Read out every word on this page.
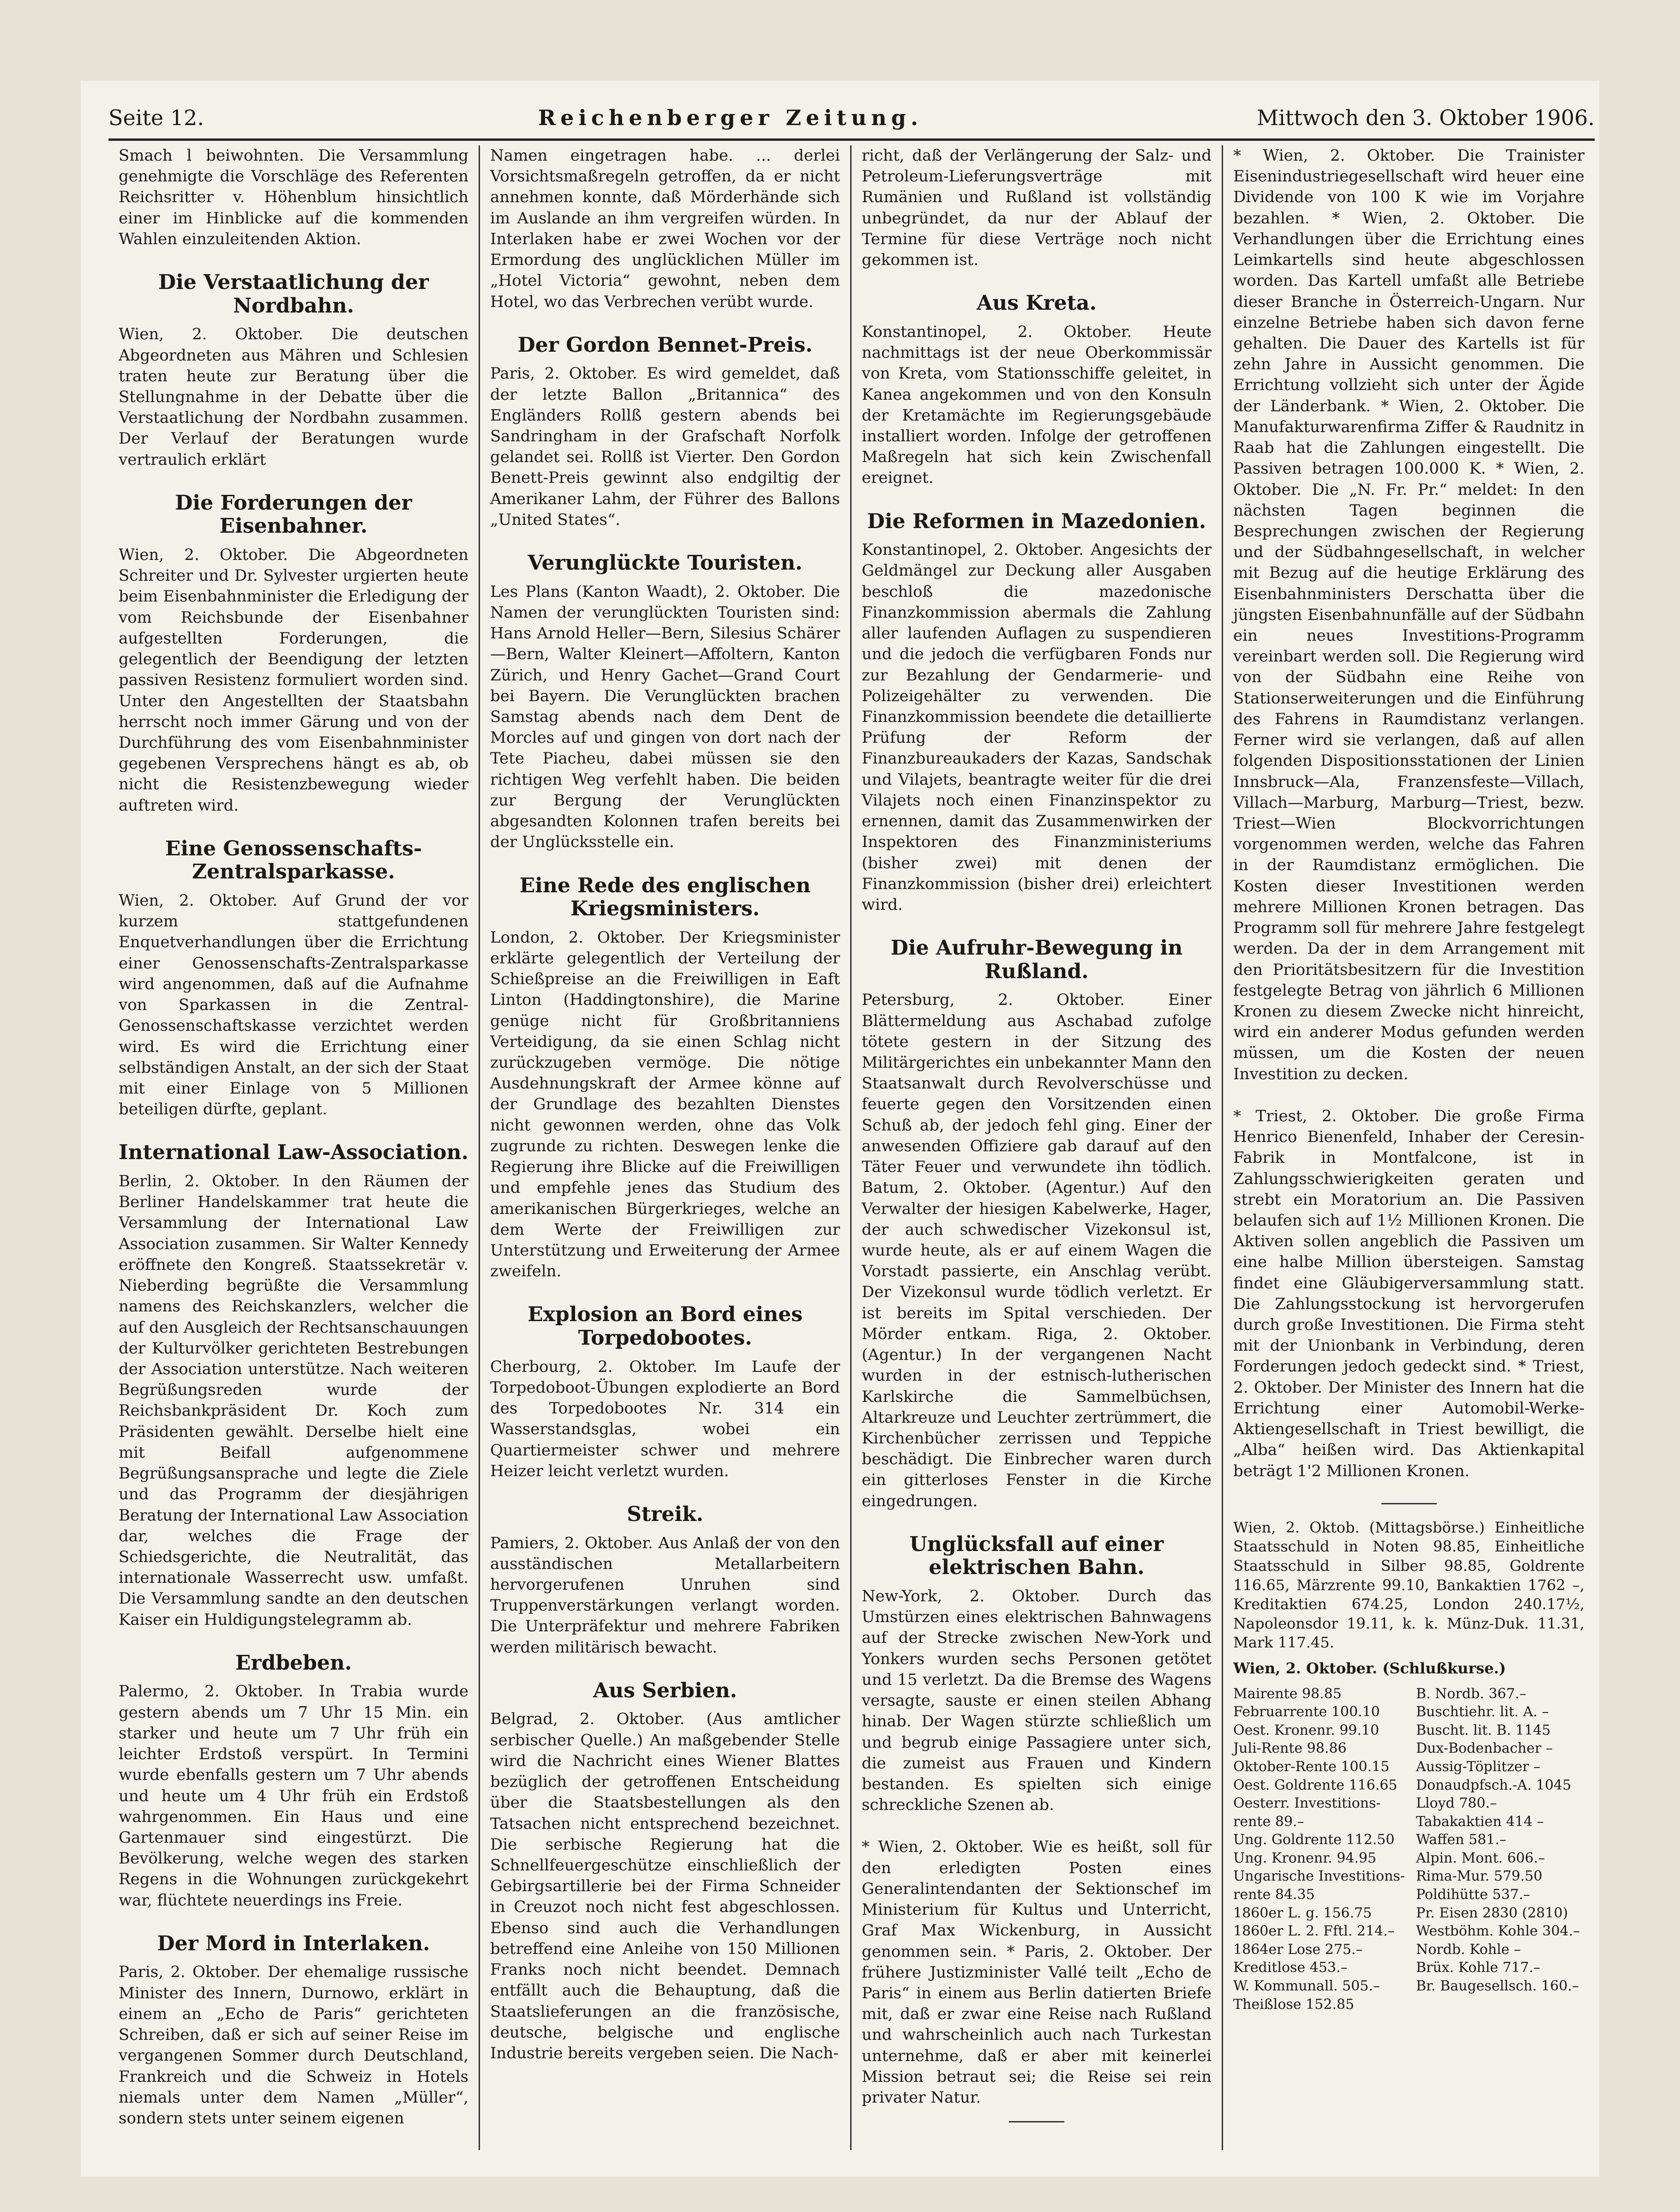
Seite 12.	Reichenberger Zeitung.	Mittwoch den 3. Oktober 1906.

Smach l beiwohnten. Die Versammlung genehmigte die Vorschläge des Referenten Reichsritter v. Höhenblum hinsichtlich einer im Hinblicke auf die kommenden Wahlen einzuleitenden Aktion.

Die Verstaatlichung der Nordbahn.

Wien, 2. Oktober. Die deutschen Abgeordneten aus Mähren und Schlesien traten heute zur Beratung über die Stellungnahme in der Debatte über die Verstaatlichung der Nordbahn zusammen. Der Verlauf der Beratungen wurde vertraulich erklärt

Die Forderungen der Eisenbahner.

Wien, 2. Oktober. Die Abgeordneten Schreiter und Dr. Sylvester urgierten heute beim Eisenbahnminister die Erledigung der vom Reichsbunde der Eisenbahner aufgestellten Forderungen, die gelegentlich der Beendigung der letzten passiven Resistenz formuliert worden sind. Unter den Angestellten der Staatsbahn herrscht noch immer Gärung und von der Durchführung des vom Eisenbahnminister gegebenen Versprechens hängt es ab, ob nicht die Resistenzbewegung wieder auftreten wird.

Eine Genossenschafts-Zentralsparkasse.

Wien, 2. Oktober. Auf Grund der vor kurzem stattgefundenen Enquetverhandlungen über die Errichtung einer Genossenschafts-Zentralsparkasse wird angenommen, daß auf die Aufnahme von Sparkassen in die Zentral-Genossenschaftskasse verzichtet werden wird. Es wird die Errichtung einer selbständigen Anstalt, an der sich der Staat mit einer Einlage von 5 Millionen beteiligen dürfte, geplant.

International Law-Association.

Berlin, 2. Oktober. In den Räumen der Berliner Handelskammer trat heute die Versammlung der International Law Association zusammen. Sir Walter Kennedy eröffnete den Kongreß. Staatssekretär v. Nieberding begrüßte die Versammlung namens des Reichskanzlers, welcher die auf den Ausgleich der Rechtsanschauungen der Kulturvölker gerichteten Bestrebungen der Association unterstütze. Nach weiteren Begrüßungsreden wurde der Reichsbankpräsident Dr. Koch zum Präsidenten gewählt. Derselbe hielt eine mit Beifall aufgenommene Begrüßungsansprache und legte die Ziele und das Programm der diesjährigen Beratung der International Law Association dar, welches die Frage der Schiedsgerichte, die Neutralität, das internationale Wasserrecht usw. umfaßt. Die Versammlung sandte an den deutschen Kaiser ein Huldigungstelegramm ab.

Erdbeben.

Palermo, 2. Oktober. In Trabia wurde gestern abends um 7 Uhr 15 Min. ein starker und heute um 7 Uhr früh ein leichter Erdstoß verspürt. In Termini wurde ebenfalls gestern um 7 Uhr abends und heute um 4 Uhr früh ein Erdstoß wahrgenommen. Ein Haus und eine Gartenmauer sind eingestürzt. Die Bevölkerung, welche wegen des starken Regens in die Wohnungen zurückgekehrt war, flüchtete neuerdings ins Freie.

Der Mord in Interlaken.

Paris, 2. Oktober. Der ehemalige russische Minister des Innern, Durnowo, erklärt in einem an „Echo de Paris“ gerichteten Schreiben, daß er sich auf seiner Reise im vergangenen Sommer durch Deutschland, Frankreich und die Schweiz in Hotels niemals unter dem Namen „Müller“, sondern stets unter seinem eigenen

Namen eingetragen habe. ... derlei Vorsichtsmaßregeln getroffen, da er nicht annehmen konnte, daß Mörderhände sich im Auslande an ihm vergreifen würden. In Interlaken habe er zwei Wochen vor der Ermordung des unglücklichen Müller im „Hotel Victoria“ gewohnt, neben dem Hotel, wo das Verbrechen verübt wurde.

Der Gordon Bennet-Preis.

Paris, 2. Oktober. Es wird gemeldet, daß der letzte Ballon „Britannica“ des Engländers Rollß gestern abends bei Sandringham in der Grafschaft Norfolk gelandet sei. Rollß ist Vierter. Den Gordon Benett-Preis gewinnt also endgiltig der Amerikaner Lahm, der Führer des Ballons „United States“.

Verunglückte Touristen.

Les Plans (Kanton Waadt), 2. Oktober. Die Namen der verunglückten Touristen sind: Hans Arnold Heller—Bern, Silesius Schärer—Bern, Walter Kleinert—Affoltern, Kanton Zürich, und Henry Gachet—Grand Court bei Bayern. Die Verunglückten brachen Samstag abends nach dem Dent de Morcles auf und gingen von dort nach der Tete Piacheu, dabei müssen sie den richtigen Weg verfehlt haben. Die beiden zur Bergung der Verunglückten abgesandten Kolonnen trafen bereits bei der Unglücksstelle ein.

Eine Rede des englischen Kriegsministers.

London, 2. Oktober. Der Kriegsminister erklärte gelegentlich der Verteilung der Schießpreise an die Freiwilligen in Eaft Linton (Haddingtonshire), die Marine genüge nicht für Großbritanniens Verteidigung, da sie einen Schlag nicht zurückzugeben vermöge. Die nötige Ausdehnungskraft der Armee könne auf der Grundlage des bezahlten Dienstes nicht gewonnen werden, ohne das Volk zugrunde zu richten. Deswegen lenke die Regierung ihre Blicke auf die Freiwilligen und empfehle jenes das Studium des amerikanischen Bürgerkrieges, welche an dem Werte der Freiwilligen zur Unterstützung und Erweiterung der Armee zweifeln.

Explosion an Bord eines Torpedobootes.

Cherbourg, 2. Oktober. Im Laufe der Torpedoboot-Übungen explodierte an Bord des Torpedobootes Nr. 314 ein Wasserstandsglas, wobei ein Quartiermeister schwer und mehrere Heizer leicht verletzt wurden.

Streik.

Pamiers, 2. Oktober. Aus Anlaß der von den ausständischen Metallarbeitern hervorgerufenen Unruhen sind Truppenverstärkungen verlangt worden. Die Unterpräfektur und mehrere Fabriken werden militärisch bewacht.

Aus Serbien.

Belgrad, 2. Oktober. (Aus amtlicher serbischer Quelle.) An maßgebender Stelle wird die Nachricht eines Wiener Blattes bezüglich der getroffenen Entscheidung über die Staatsbestellungen als den Tatsachen nicht entsprechend bezeichnet. Die serbische Regierung hat die Schnellfeuergeschütze einschließlich der Gebirgsartillerie bei der Firma Schneider in Creuzot noch nicht fest abgeschlossen. Ebenso sind auch die Verhandlungen betreffend eine Anleihe von 150 Millionen Franks noch nicht beendet. Demnach entfällt auch die Behauptung, daß die Staatslieferungen an die französische, deutsche, belgische und englische Industrie bereits vergeben seien. Die Nach-

richt, daß der Verlängerung der Salz- und Petroleum-Lieferungsverträge mit Rumänien und Rußland ist vollständig unbegründet, da nur der Ablauf der Termine für diese Verträge noch nicht gekommen ist.

Aus Kreta.

Konstantinopel, 2. Oktober. Heute nachmittags ist der neue Oberkommissär von Kreta, vom Stationsschiffe geleitet, in Kanea angekommen und von den Konsuln der Kretamächte im Regierungsgebäude installiert worden. Infolge der getroffenen Maßregeln hat sich kein Zwischenfall ereignet.

Die Reformen in Mazedonien.

Konstantinopel, 2. Oktober. Angesichts der Geldmängel zur Deckung aller Ausgaben beschloß die mazedonische Finanzkommission abermals die Zahlung aller laufenden Auflagen zu suspendieren und die jedoch die verfügbaren Fonds nur zur Bezahlung der Gendarmerie- und Polizeigehälter zu verwenden. Die Finanzkommission beendete die detaillierte Prüfung der Reform der Finanzbureaukaders der Kazas, Sandschak und Vilajets, beantragte weiter für die drei Vilajets noch einen Finanzinspektor zu ernennen, damit das Zusammenwirken der Inspektoren des Finanzministeriums (bisher zwei) mit denen der Finanzkommission (bisher drei) erleichtert wird.

Die Aufruhr-Bewegung in Rußland.

Petersburg, 2. Oktober. Einer Blättermeldung aus Aschabad zufolge tötete gestern in der Sitzung des Militärgerichtes ein unbekannter Mann den Staatsanwalt durch Revolverschüsse und feuerte gegen den Vorsitzenden einen Schuß ab, der jedoch fehl ging. Einer der anwesenden Offiziere gab darauf auf den Täter Feuer und verwundete ihn tödlich. Batum, 2. Oktober. (Agentur.) Auf den Verwalter der hiesigen Kabelwerke, Hager, der auch schwedischer Vizekonsul ist, wurde heute, als er auf einem Wagen die Vorstadt passierte, ein Anschlag verübt. Der Vizekonsul wurde tödlich verletzt. Er ist bereits im Spital verschieden. Der Mörder entkam. Riga, 2. Oktober. (Agentur.) In der vergangenen Nacht wurden in der estnisch-lutherischen Karlskirche die Sammelbüchsen, Altarkreuze und Leuchter zertrümmert, die Kirchenbücher zerrissen und Teppiche beschädigt. Die Einbrecher waren durch ein gitterloses Fenster in die Kirche eingedrungen.

Unglücksfall auf einer elektrischen Bahn.

New-York, 2. Oktober. Durch das Umstürzen eines elektrischen Bahnwagens auf der Strecke zwischen New-York und Yonkers wurden sechs Personen getötet und 15 verletzt. Da die Bremse des Wagens versagte, sauste er einen steilen Abhang hinab. Der Wagen stürzte schließlich um und begrub einige Passagiere unter sich, die zumeist aus Frauen und Kindern bestanden. Es spielten sich einige schreckliche Szenen ab.

* Wien, 2. Oktober. Wie es heißt, soll für den erledigten Posten eines Generalintendanten der Sektionschef im Ministerium für Kultus und Unterricht, Graf Max Wickenburg, in Aussicht genommen sein. * Paris, 2. Oktober. Der frühere Justizminister Vallé teilt „Echo de Paris“ in einem aus Berlin datierten Briefe mit, daß er zwar eine Reise nach Rußland und wahrscheinlich auch nach Turkestan unternehme, daß er aber mit keinerlei Mission betraut sei; die Reise sei rein privater Natur.

* Wien, 2. Oktober. Die Trainister Eisenindustriegesellschaft wird heuer eine Dividende von 100 K wie im Vorjahre bezahlen. * Wien, 2. Oktober. Die Verhandlungen über die Errichtung eines Leimkartells sind heute abgeschlossen worden. Das Kartell umfaßt alle Betriebe dieser Branche in Österreich-Ungarn. Nur einzelne Betriebe haben sich davon ferne gehalten. Die Dauer des Kartells ist für zehn Jahre in Aussicht genommen. Die Errichtung vollzieht sich unter der Ägide der Länderbank. * Wien, 2. Oktober. Die Manufakturwarenfirma Ziffer & Raudnitz in Raab hat die Zahlungen eingestellt. Die Passiven betragen 100.000 K. * Wien, 2. Oktober. Die „N. Fr. Pr.“ meldet: In den nächsten Tagen beginnen die Besprechungen zwischen der Regierung und der Südbahngesellschaft, in welcher mit Bezug auf die heutige Erklärung des Eisenbahnministers Derschatta über die jüngsten Eisenbahnunfälle auf der Südbahn ein neues Investitions-Programm vereinbart werden soll. Die Regierung wird von der Südbahn eine Reihe von Stationserweiterungen und die Einführung des Fahrens in Raumdistanz verlangen. Ferner wird sie verlangen, daß auf allen folgenden Dispositionsstationen der Linien Innsbruck—Ala, Franzensfeste—Villach, Villach—Marburg, Marburg—Triest, bezw. Triest—Wien Blockvorrichtungen vorgenommen werden, welche das Fahren in der Raumdistanz ermöglichen. Die Kosten dieser Investitionen werden mehrere Millionen Kronen betragen. Das Programm soll für mehrere Jahre festgelegt werden. Da der in dem Arrangement mit den Prioritätsbesitzern für die Investition festgelegte Betrag von jährlich 6 Millionen Kronen zu diesem Zwecke nicht hinreicht, wird ein anderer Modus gefunden werden müssen, um die Kosten der neuen Investition zu decken.

* Triest, 2. Oktober. Die große Firma Henrico Bienenfeld, Inhaber der Ceresin-Fabrik in Montfalcone, ist in Zahlungsschwierigkeiten geraten und strebt ein Moratorium an. Die Passiven belaufen sich auf 1½ Millionen Kronen. Die Aktiven sollen angeblich die Passiven um eine halbe Million übersteigen. Samstag findet eine Gläubigerversammlung statt. Die Zahlungsstockung ist hervorgerufen durch große Investitionen. Die Firma steht mit der Unionbank in Verbindung, deren Forderungen jedoch gedeckt sind. * Triest, 2. Oktober. Der Minister des Innern hat die Errichtung einer Automobil-Werke-Aktiengesellschaft in Triest bewilligt, die „Alba“ heißen wird. Das Aktienkapital beträgt 1'2 Millionen Kronen.

Wien, 2. Oktob. (Mittagsbörse.) Einheitliche Staatsschuld in Noten 98.85, Einheitliche Staatsschuld in Silber 98.85, Goldrente 116.65, Märzrente 99.10, Bankaktien 1762 –, Kreditaktien 674.25, London 240.17½, Napoleonsdor 19.11, k. k. Münz-Duk. 11.31, Mark 117.45.

Wien, 2. Oktober. (Schlußkurse.)

Mairente 98.85	B. Nordb. 367.–
Februarrente 100.10	Buschtiehr. lit. A. –
Oest. Kronenr. 99.10	Buscht. lit. B. 1145
Juli-Rente 98.86	Dux-Bodenbacher –
Oktober-Rente 100.15	Aussig-Töplitzer –
Oest. Goldrente 116.65	Donaudpfsch.-A. 1045
Oesterr. Investitions-	Lloyd 780.–
rente 89.–	Tabakaktien 414 –
Ung. Goldrente 112.50	Waffen 581.–
Ung. Kronenr. 94.95	Alpin. Mont. 606.–
Ungarische Investitions- Rima-Mur. 579.50
rente 84.35	Poldihütte 537.–
1860er L. g. 156.75	Pr. Eisen 2830 (2810)
1860er L. 2. Fftl. 214.–	Westböhm. Kohle 304.–
1864er Lose 275.–	Nordb. Kohle –
Kreditlose 453.–	Brüx. Kohle 717.–
W. Kommunall. 505.–	Br. Baugesellsch. 160.–
Theißlose 152.85
